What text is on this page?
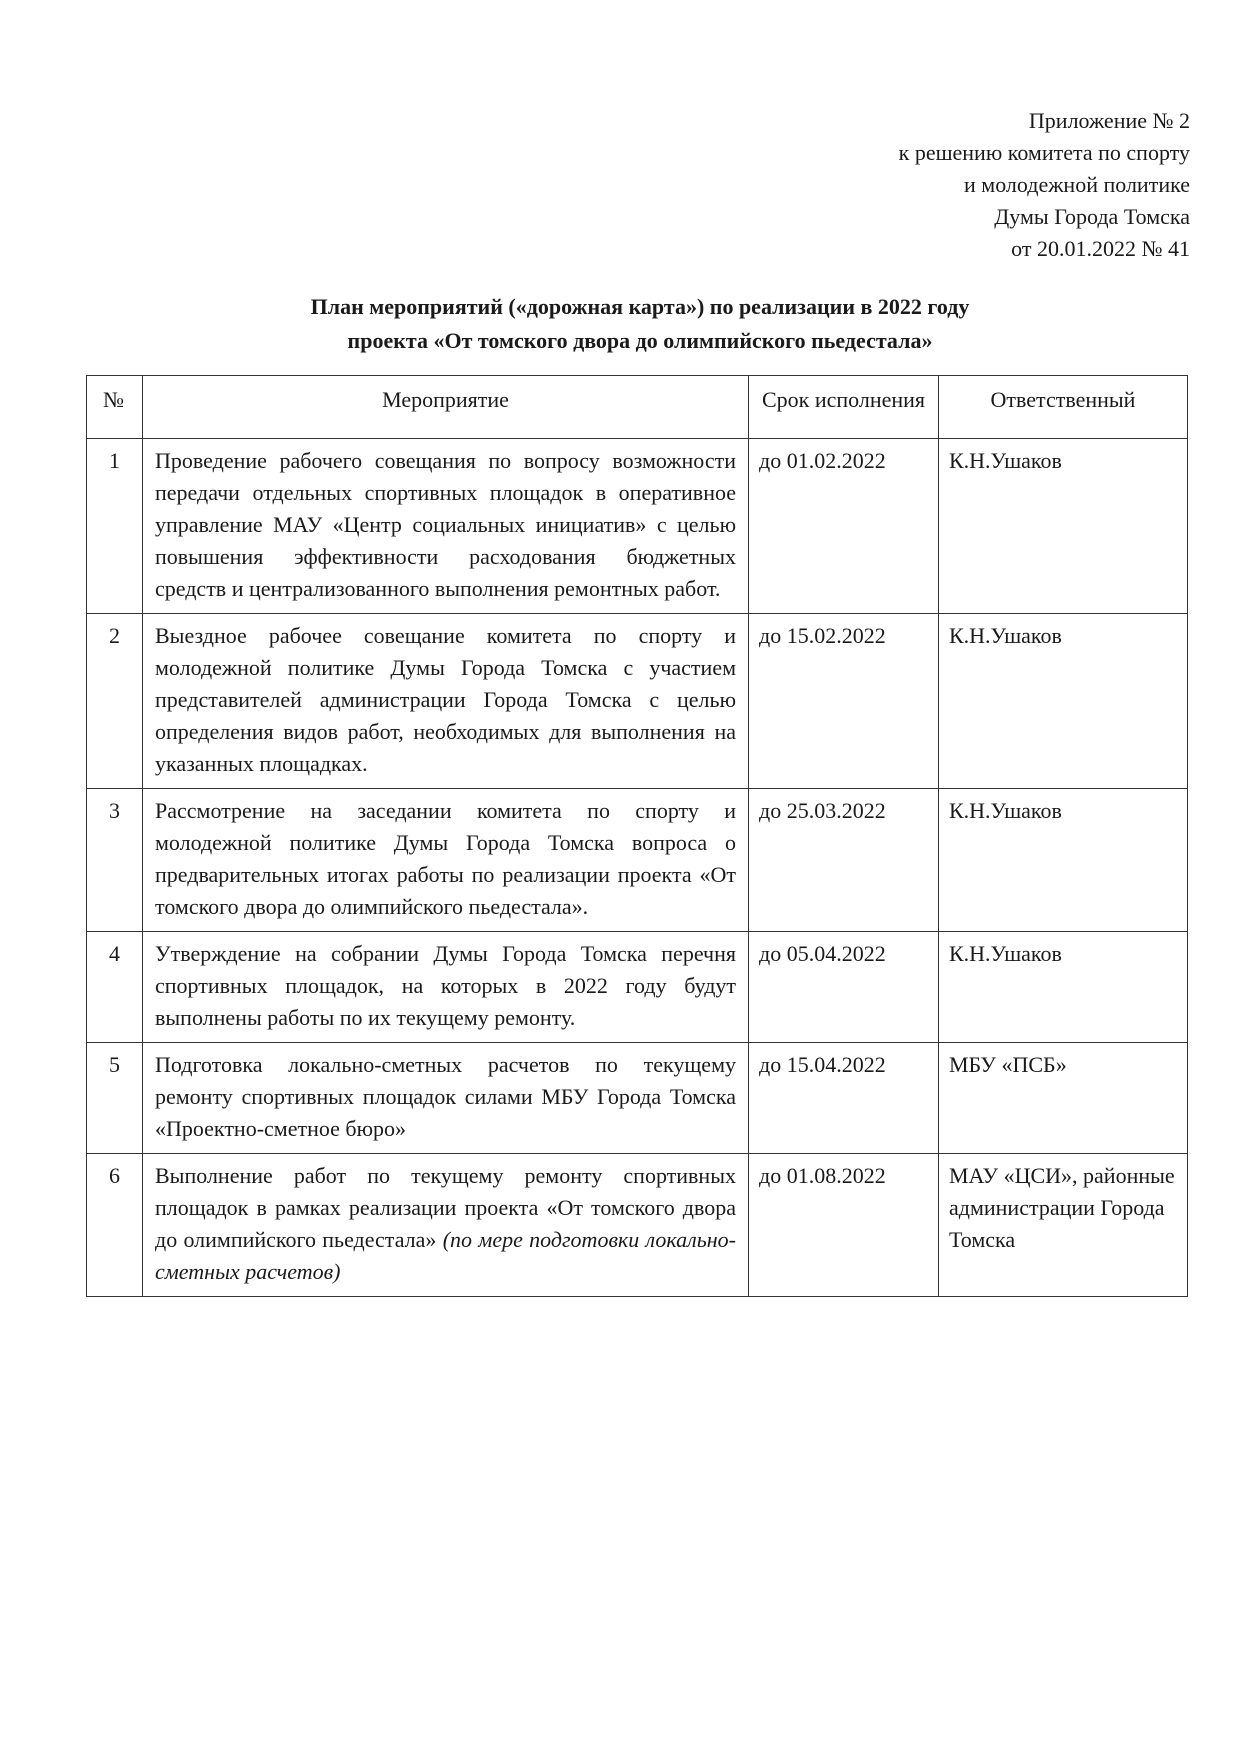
Приложение № 2
к решению комитета по спорту
и молодежной политике
Думы Города Томска
от 20.01.2022 № 41
План мероприятий («дорожная карта») по реализации в 2022 году
проекта «От томского двора до олимпийского пьедестала»
№	Мероприятие	Срок исполнения	Ответственный
1	Проведение рабочего совещания по вопросу возможности передачи отдельных спортивных площадок в оперативное управление МАУ «Центр социальных инициатив» с целью повышения эффективности расходования бюджетных средств и централизованного выполнения ремонтных работ.	до 01.02.2022	К.Н.Ушаков
2	Выездное рабочее совещание комитета по спорту и молодежной политике Думы Города Томска с участием представителей администрации Города Томска с целью определения видов работ, необходимых для выполнения на указанных площадках.	до 15.02.2022	К.Н.Ушаков
3	Рассмотрение на заседании комитета по спорту и молодежной политике Думы Города Томска вопроса о предварительных итогах работы по реализации проекта «От томского двора до олимпийского пьедестала».	до 25.03.2022	К.Н.Ушаков
4	Утверждение на собрании Думы Города Томска перечня спортивных площадок, на которых в 2022 году будут выполнены работы по их текущему ремонту.	до 05.04.2022	К.Н.Ушаков
5	Подготовка локально-сметных расчетов по текущему ремонту спортивных площадок силами МБУ Города Томска «Проектно-сметное бюро»	до 15.04.2022	МБУ «ПСБ»
6	Выполнение работ по текущему ремонту спортивных площадок в рамках реализации проекта «От томского двора до олимпийского пьедестала» (по мере подготовки локально-сметных расчетов)	до 01.08.2022	МАУ «ЦСИ», районные администрации Города Томска
